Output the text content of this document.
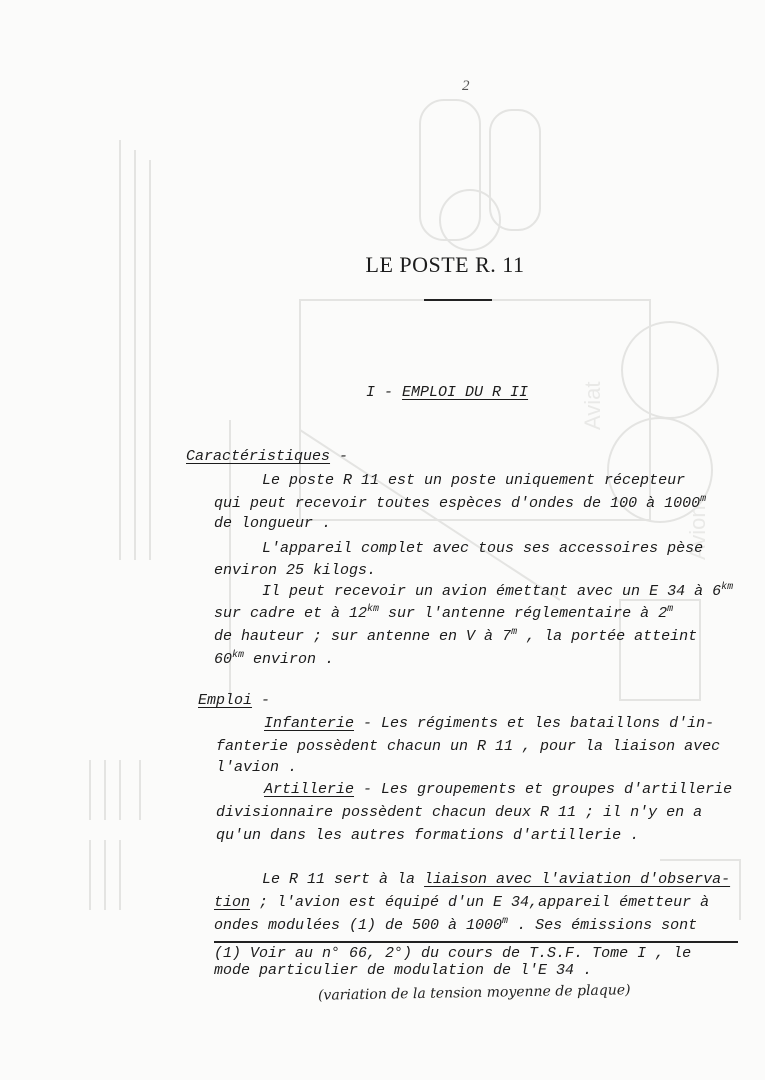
Avion
Aviat
2
LE POSTE R. 11
I - EMPLOI DU R II
Caractéristiques -
Le poste R 11 est un poste uniquement récepteur
qui peut recevoir toutes espèces d'ondes de 100 à 1000$^m$
de longueur .
L'appareil complet avec tous ses accessoires pèse
environ 25 kilogs.
Il peut recevoir un avion émettant avec un E 34 à $6^{km}$
sur cadre et à $12^{km}$ sur l'antenne réglementaire à 2$^m$
de hauteur ; sur antenne en V à 7$^m$ , la portée atteint
$60^{km}$ environ .
Emploi -
Infanterie - Les régiments et les bataillons d'in-
fanterie possèdent chacun un R 11 , pour la liaison avec
l'avion .
Artillerie - Les groupements et groupes d'artillerie
divisionnaire possèdent chacun deux R 11 ; il n'y en a
qu'un dans les autres formations d'artillerie .
Le R 11 sert à la liaison avec l'aviation d'observa-
tion ; l'avion est équipé d'un E 34,appareil émetteur à
ondes modulées (1) de 500 à 1000$^m$ . Ses émissions sont
(1) Voir au n° 66, 2°) du cours de T.S.F. Tome I , le
mode particulier de modulation de l'E 34 .
(variation de la tension moyenne de plaque)
